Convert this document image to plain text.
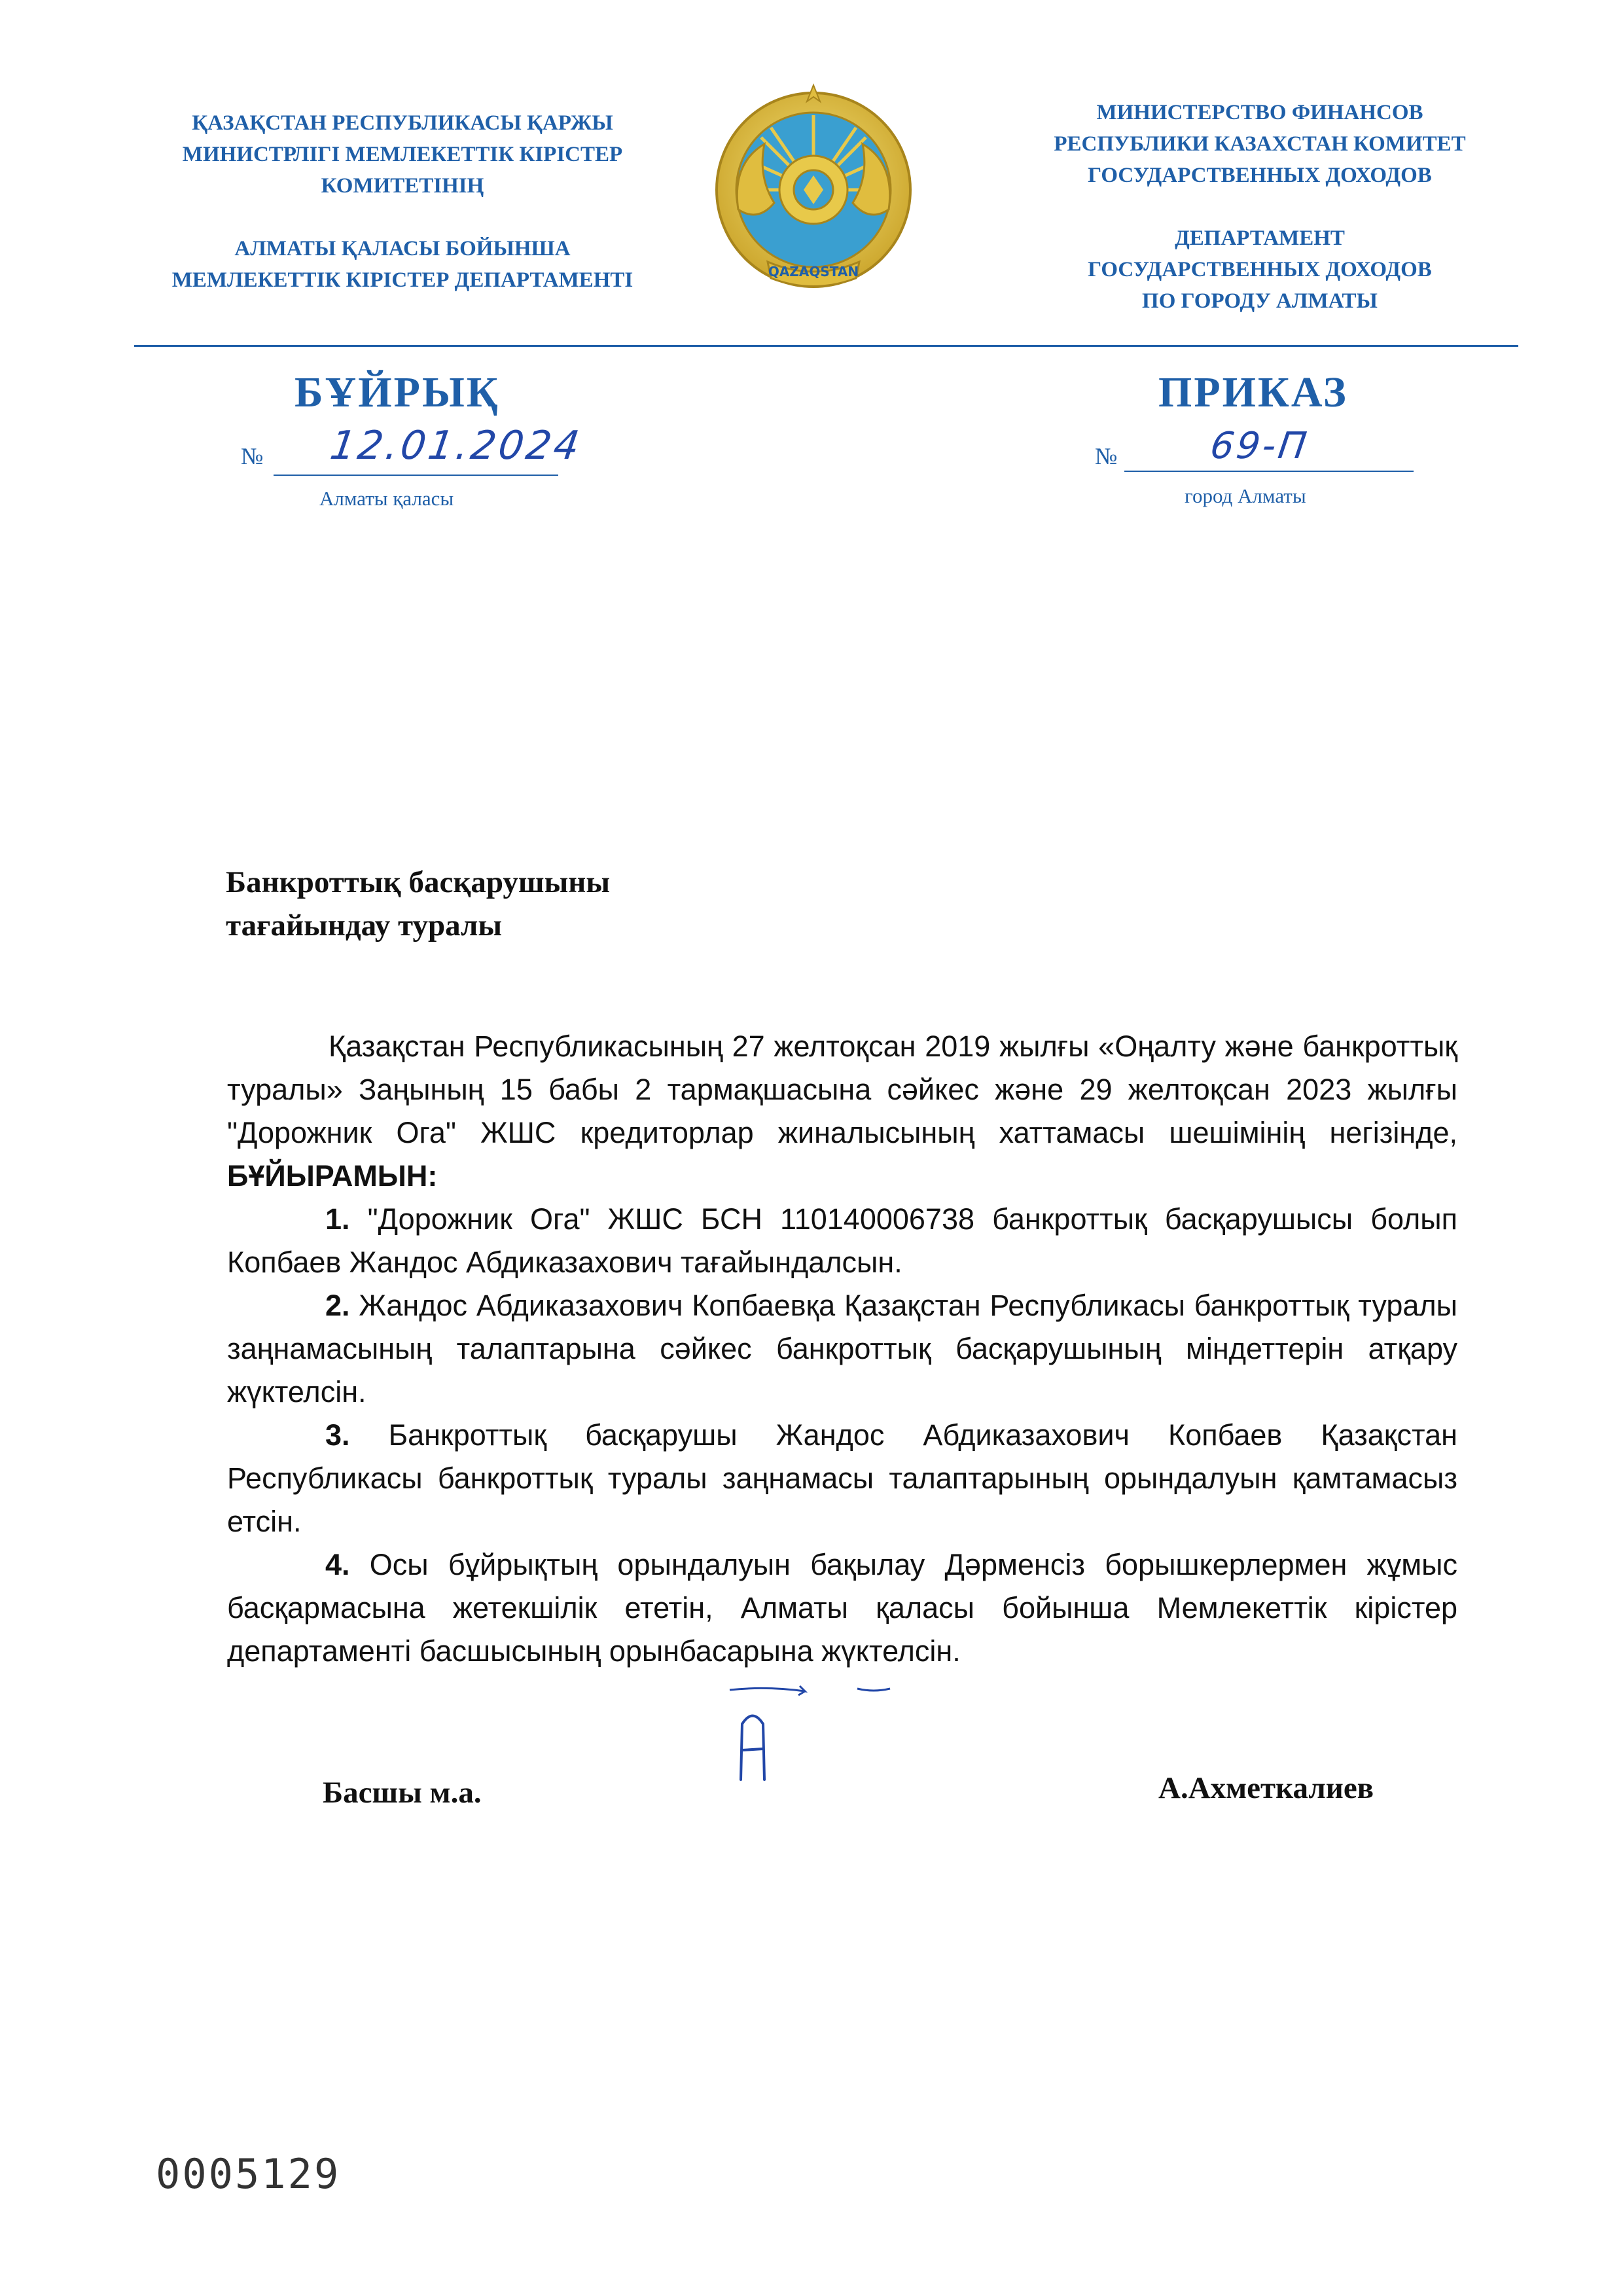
ҚАЗАҚСТАН РЕСПУБЛИКАСЫ ҚАРЖЫ
МИНИСТРЛІГІ МЕМЛЕКЕТТІК КІРІСТЕР
КОМИТЕТІНІҢ
АЛМАТЫ ҚАЛАСЫ БОЙЫНША
МЕМЛЕКЕТТІК КІРІСТЕР ДЕПАРТАМЕНТІ	QAZAQSTAN
МИНИСТЕРСТВО ФИНАНСОВ
РЕСПУБЛИКИ КАЗАХСТАН КОМИТЕТ
ГОСУДАРСТВЕННЫХ ДОХОДОВ
ДЕПАРТАМЕНТ
ГОСУДАРСТВЕННЫХ ДОХОДОВ
ПО ГОРОДУ АЛМАТЫ
БҰЙРЫҚ	ПРИКАЗ
№ 12.01.2024	№ 69-П
Алматы қаласы	город Алматы
Банкроттық басқарушыны
тағайындау туралы

Қазақстан Республикасының 27 желтоқсан 2019 жылғы «Оңалту және банкроттық туралы» Заңының 15 бабы 2 тармақшасына сәйкес және 29 желтоқсан 2023 жылғы "Дорожник Ога" ЖШС кредиторлар жиналысының хаттамасы шешімінің негізінде, БҰЙЫРАМЫН:

1. "Дорожник Ога" ЖШС БСН 110140006738 банкроттық басқарушысы болып Копбаев Жандос Абдиказахович тағайындалсын.

2. Жандос Абдиказахович Копбаевқа Қазақстан Республикасы банкроттық туралы заңнамасының талаптарына сәйкес банкроттық басқарушының міндеттерін атқару жүктелсін.

3. Банкроттық басқарушы Жандос Абдиказахович Копбаев Қазақстан Республикасы банкроттық туралы заңнамасы талаптарының орындалуын қамтамасыз етсін.

4. Осы бұйрықтың орындалуын бақылау Дәрменсіз борышкерлермен жұмыс басқармасына жетекшілік ететін, Алматы қаласы бойынша Мемлекеттік кірістер департаменті басшысының орынбасарына жүктелсін.

Басшы м.а.	А.Ахметкалиев
0005129
